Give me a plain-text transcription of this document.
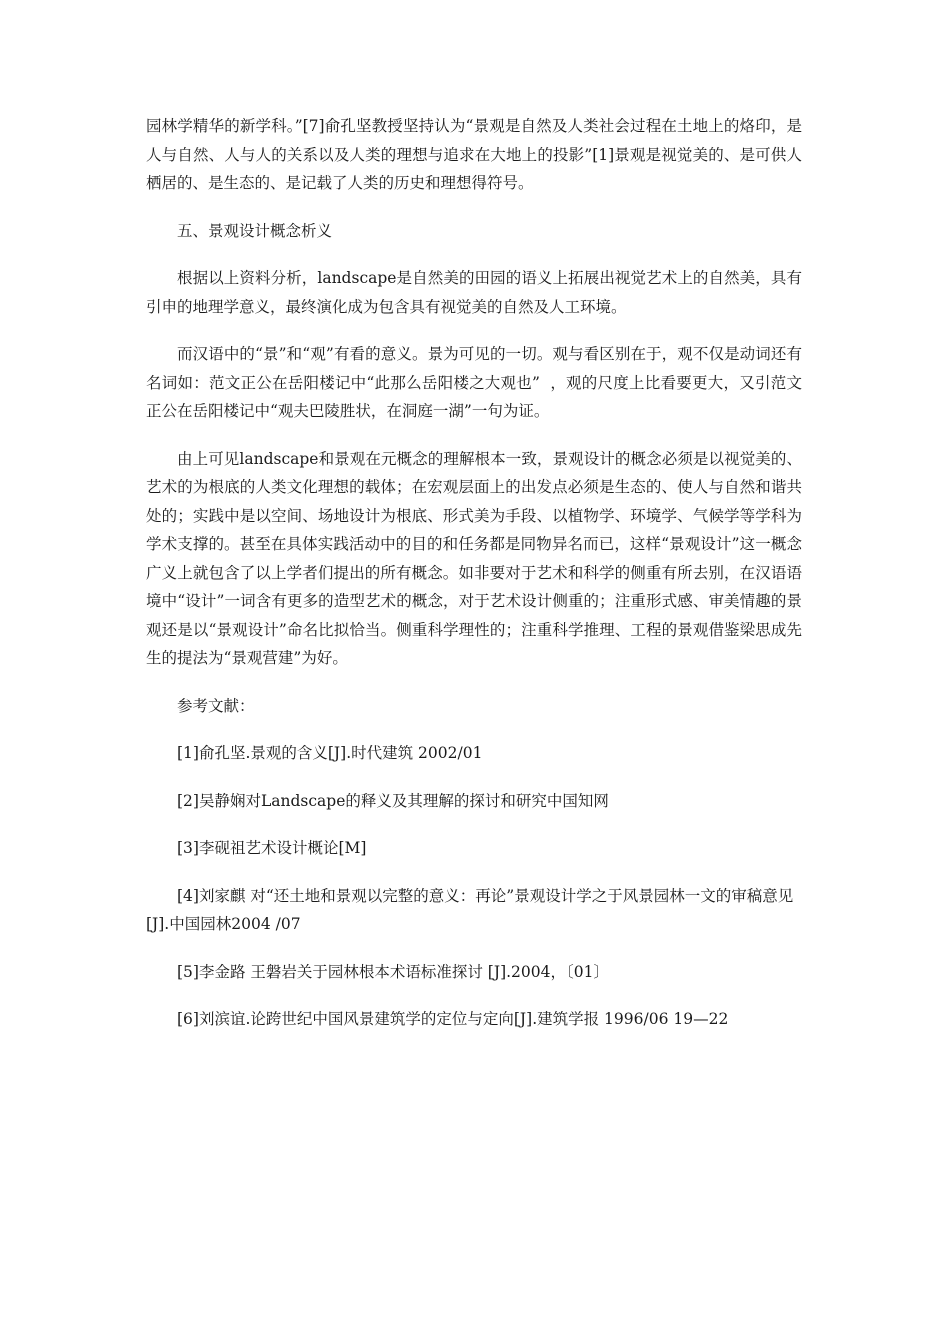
园林学精华的新学科。”[7]俞孔坚教授坚持认为“景观是自然及人类社会过程在土地上的烙印，是人与自然、人与人的关系以及人类的理想与追求在大地上的投影”[1]景观是视觉美的、是可供人栖居的、是生态的、是记载了人类的历史和理想得符号。

五、景观设计概念析义

根据以上资料分析，landscape是自然美的田园的语义上拓展出视觉艺术上的自然美，具有引申的地理学意义，最终演化成为包含具有视觉美的自然及人工环境。

而汉语中的“景”和“观”有看的意义。景为可见的一切。观与看区别在于，观不仅是动词还有名词如：范文正公在岳阳楼记中“此那么岳阳楼之大观也”  ，观的尺度上比看要更大，又引范文正公在岳阳楼记中“观夫巴陵胜状，在洞庭一湖”一句为证。

由上可见landscape和景观在元概念的理解根本一致，景观设计的概念必须是以视觉美的、艺术的为根底的人类文化理想的载体；在宏观层面上的出发点必须是生态的、使人与自然和谐共处的；实践中是以空间、场地设计为根底、形式美为手段、以植物学、环境学、气候学等学科为学术支撑的。甚至在具体实践活动中的目的和任务都是同物异名而已，这样“景观设计”这一概念广义上就包含了以上学者们提出的所有概念。如非要对于艺术和科学的侧重有所去别，在汉语语境中“设计”一词含有更多的造型艺术的概念，对于艺术设计侧重的；注重形式感、审美情趣的景观还是以“景观设计”命名比拟恰当。侧重科学理性的；注重科学推理、工程的景观借鉴梁思成先生的提法为“景观营建”为好。

参考文献：

[1]俞孔坚.景观的含义[J].时代建筑 2002/01

[2]吴静娴对Landscape的释义及其理解的探讨和研究中国知网

[3]李砚祖艺术设计概论[M]

[4]刘家麒 对“还土地和景观以完整的意义：再论”景观设计学之于风景园林一文的审稿意见[J].中国园林2004 /07

[5]李金路 王磐岩关于园林根本术语标准探讨 [J].2004，〔01〕

[6]刘滨谊.论跨世纪中国风景建筑学的定位与定向[J].建筑学报 1996/06 19—22
